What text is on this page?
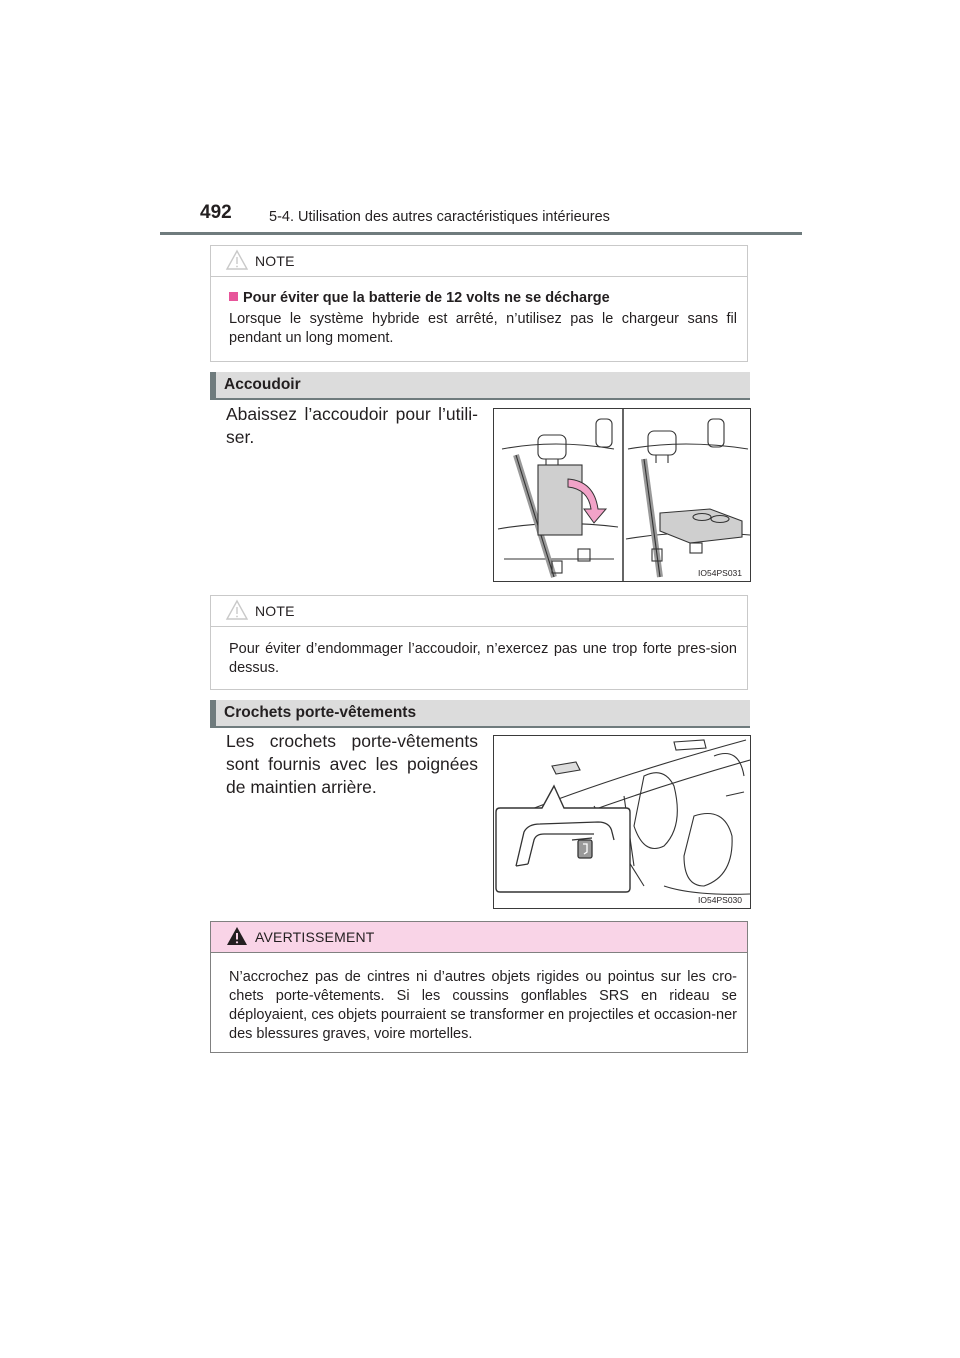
492	5-4. Utilisation des autres caractéristiques intérieures
NOTE
Pour éviter que la batterie de 12 volts ne se décharge
Lorsque le système hybride est arrêté, n’utilisez pas le chargeur sans fil pendant un long moment.
Accoudoir
Abaissez l’accoudoir pour l’utili-ser.
IO54PS031
NOTE
Pour éviter d’endommager l’accoudoir, n’exercez pas une trop forte pres-sion dessus.
Crochets porte-vêtements
Les crochets porte-vêtements sont fournis avec les poignées de maintien arrière.
IO54PS030
AVERTISSEMENT
N’accrochez pas de cintres ni d’autres objets rigides ou pointus sur les cro-chets porte-vêtements. Si les coussins gonflables SRS en rideau se déployaient, ces objets pourraient se transformer en projectiles et occasion-ner des blessures graves, voire mortelles.
